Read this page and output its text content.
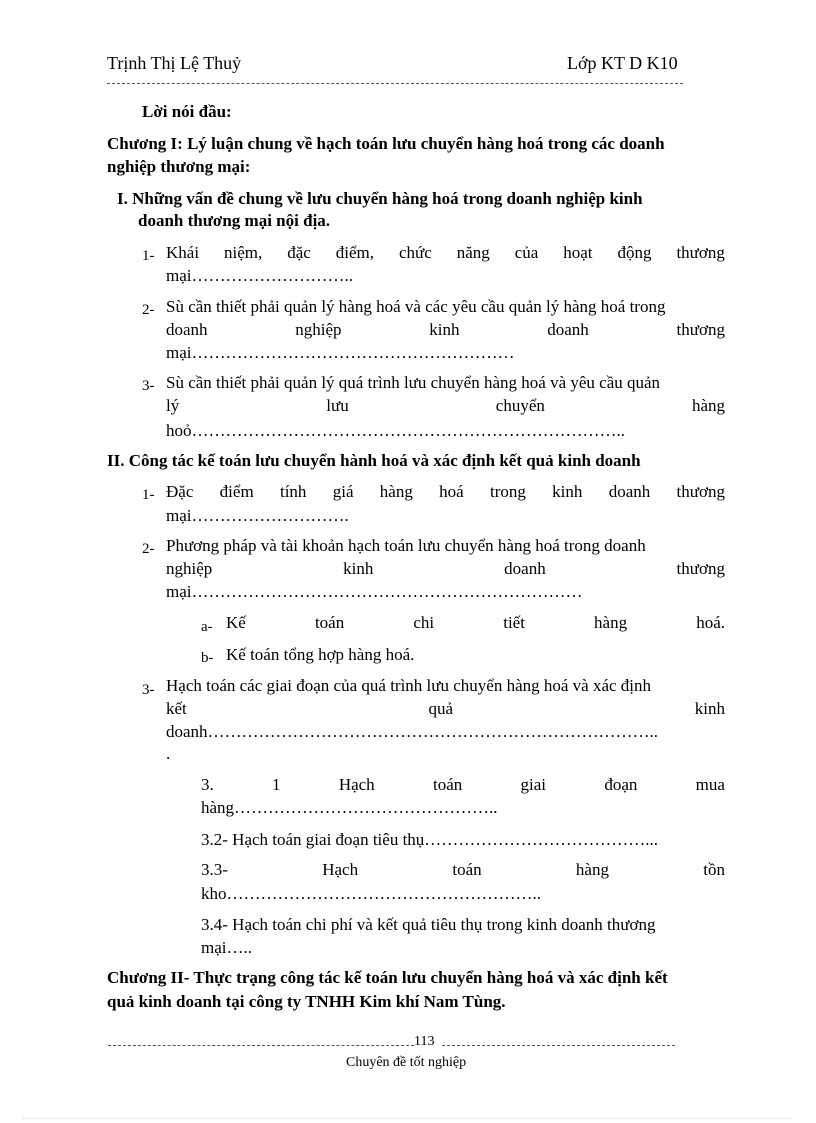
Trịnh Thị Lệ Thuỷ	Lớp KT D K10
Lời nói đầu:
Chương I: Lý luận chung về hạch toán lưu chuyển hàng hoá trong các doanh
nghiệp thương mại:
I. Những vấn đề chung về lưu chuyển hàng hoá trong doanh nghiệp kinh
doanh thương mại nội địa.
1- Khái niệm, đặc điểm, chức năng của hoạt động thương
mại………………………..
2- Sù cần thiết phải quản lý hàng hoá và các yêu cầu quản lý hàng hoá trong
doanh	nghiệp	kinh	doanh	thương
mại…………………………………………………
3- Sù cần thiết phải quản lý quá trình lưu chuyển hàng hoá và yêu cầu quản
lý	lưu	chuyển	hàng
hoỏ…………………………………………………………………..
II. Công tác kế toán lưu chuyển hành hoá và xác định kết quả kinh doanh
1- Đặc điểm tính giá hàng hoá trong kinh doanh thương
mại……………………….
2- Phương pháp và tài khoản hạch toán lưu chuyển hàng hoá trong doanh
nghiệp	kinh	doanh	thương
mại……………………………………………………………
a- Kế	toán	chi	tiết	hàng	hoá.
b- Kế toán tổng hợp hàng hoá.
3- Hạch toán các giai đoạn của quá trình lưu chuyển hàng hoá và xác định
kết	quả	kinh
doanh……………………………………………………………………..
.
3.	1	Hạch	toán	giai	đoạn	mua
hàng………………………………………..
3.2- Hạch toán giai đoạn tiêu thụ…………………………………...
3.3-	Hạch	toán	hàng	tồn
kho………………………………………………..
3.4- Hạch toán chi phí và kết quả tiêu thụ trong kinh doanh thương
mại…..
Chương II- Thực trạng công tác kế toán lưu chuyển hàng hoá và xác định kết
quả kinh doanh tại công ty TNHH Kim khí Nam Tùng.
113
Chuyên đề tốt nghiệp
